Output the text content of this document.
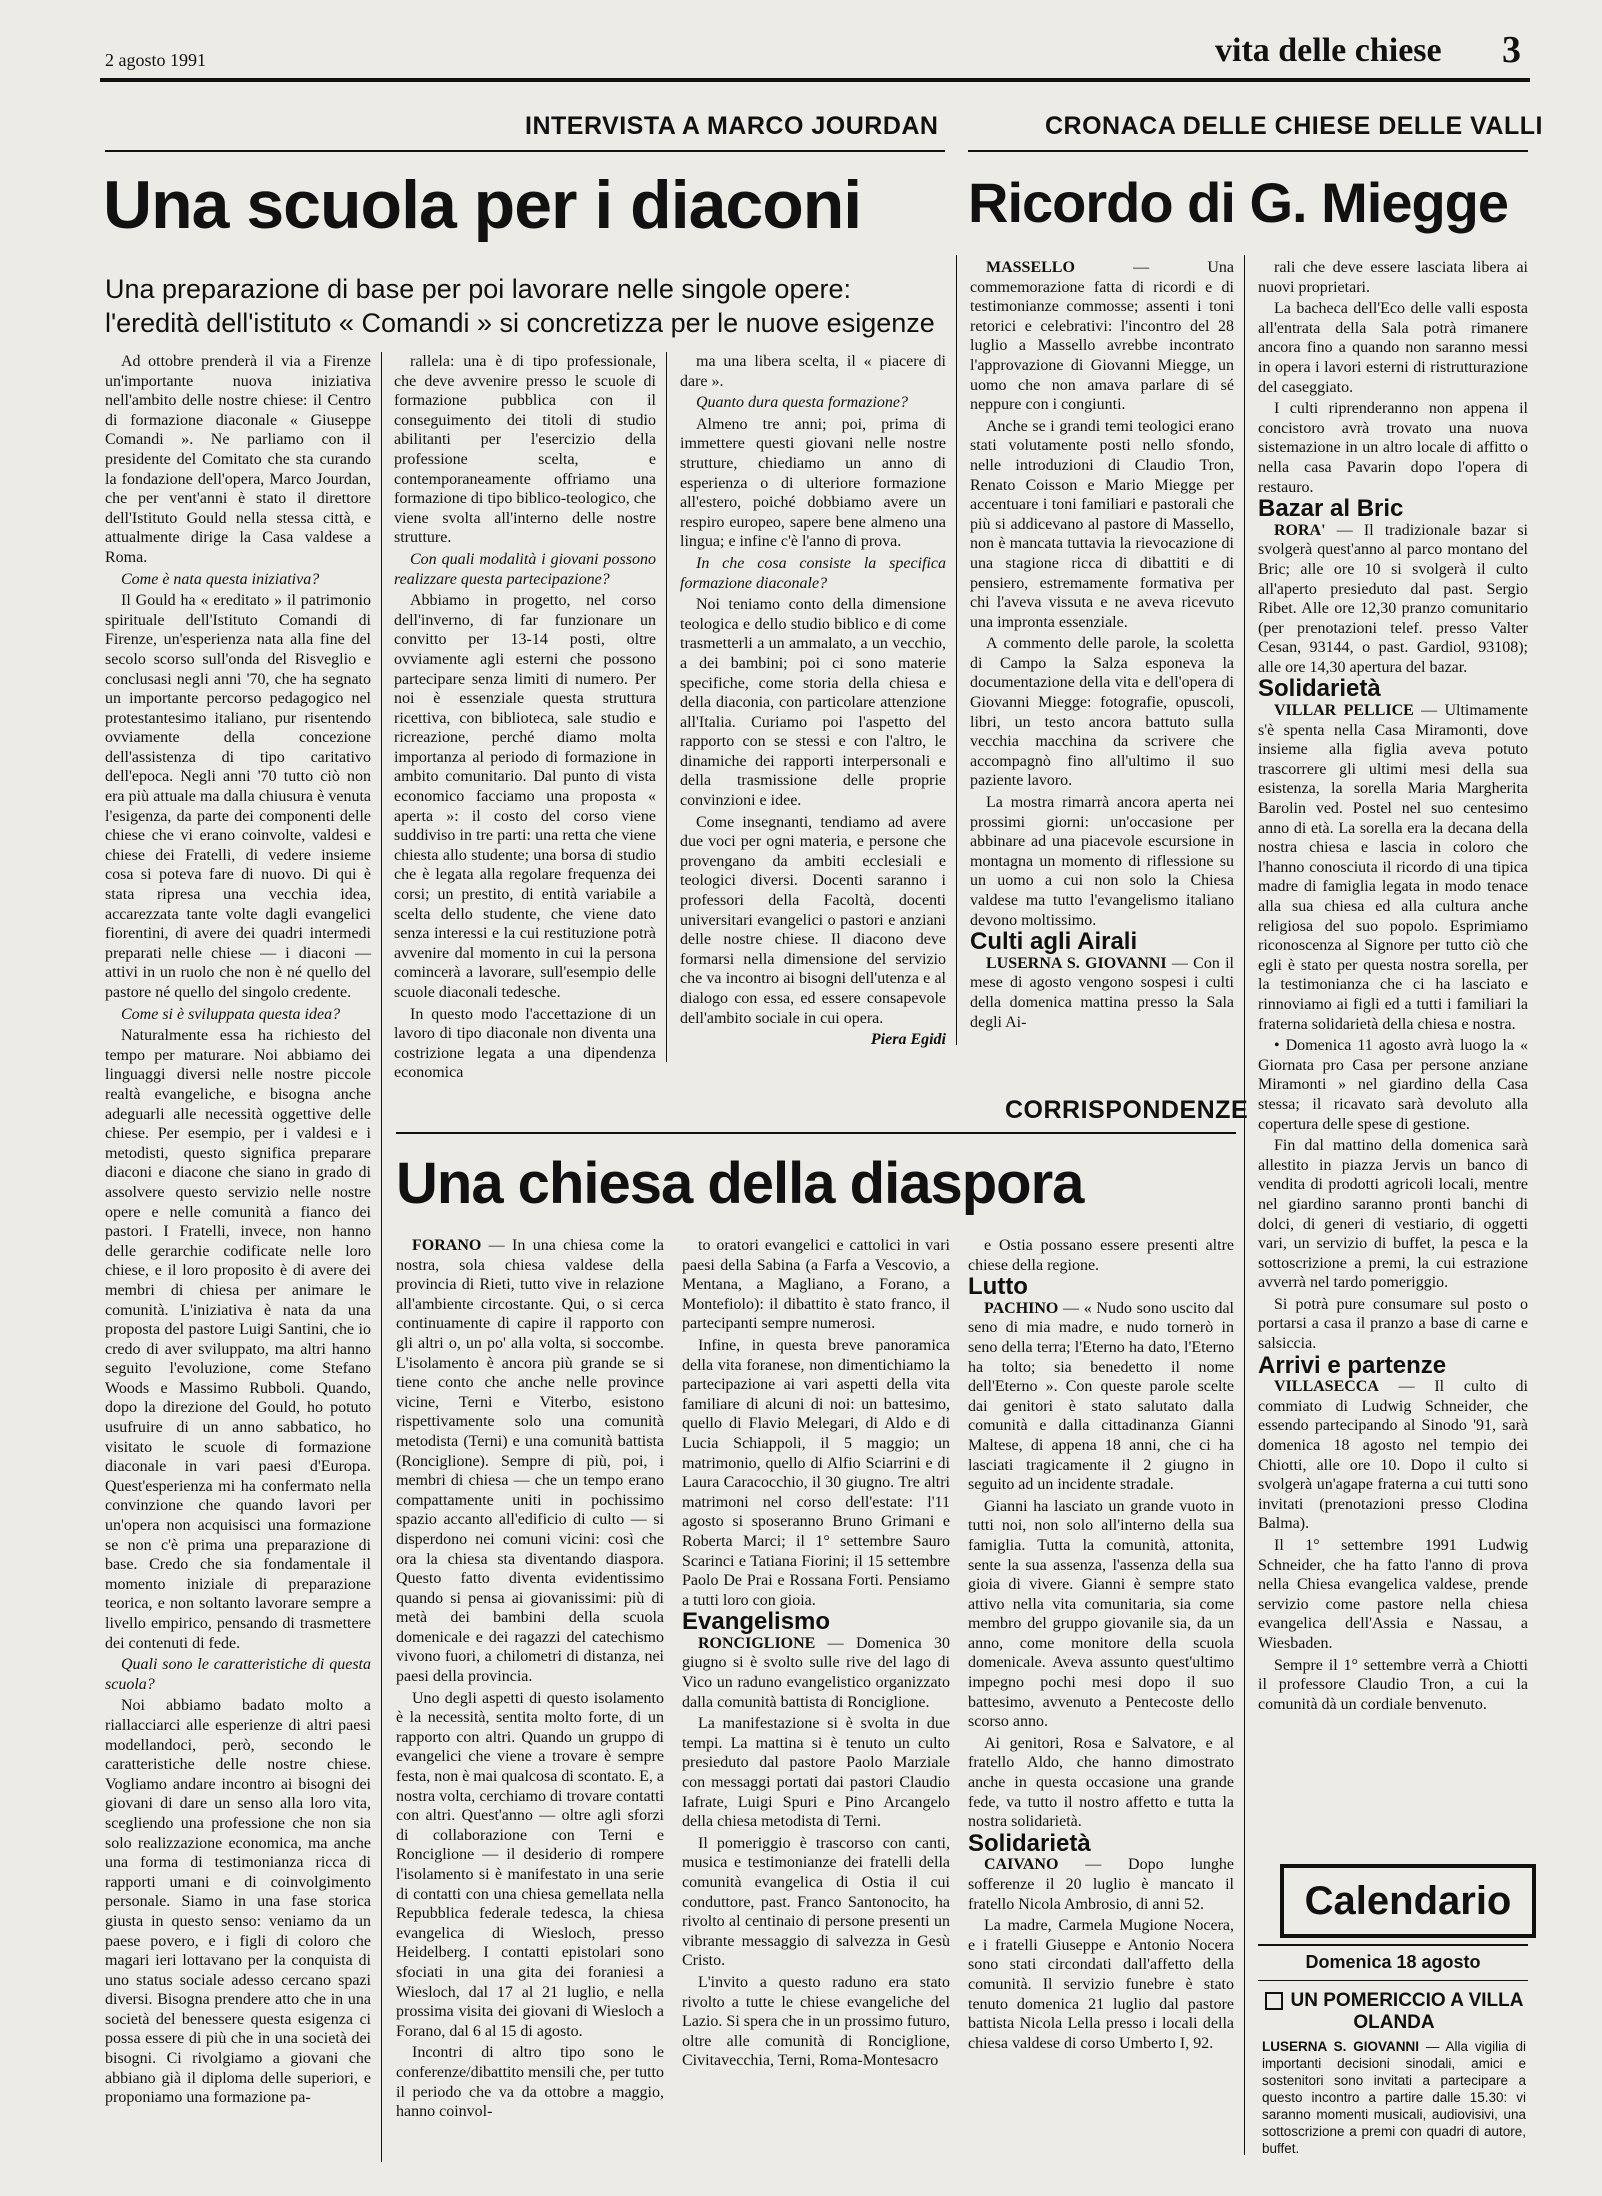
2 agosto 1991	vita delle chiese 3
INTERVISTA A MARCO JOURDAN
Una scuola per i diaconi
Una preparazione di base per poi lavorare nelle singole opere: l'eredità dell'istituto « Comandi » si concretizza per le nuove esigenze
CRONACA DELLE CHIESE DELLE VALLI
Ricordo di G. Miegge

Ad ottobre prenderà il via a Firenze un'importante nuova iniziativa nell'ambito delle nostre chiese: il Centro di formazione diaconale « Giuseppe Comandi ». Ne parliamo con il presidente del Comitato che sta curando la fondazione dell'opera, Marco Jourdan, che per vent'anni è stato il direttore dell'Istituto Gould nella stessa città, e attualmente dirige la Casa valdese a Roma.

Come è nata questa iniziativa?

Il Gould ha « ereditato » il patrimonio spirituale dell'Istituto Comandi di Firenze, un'esperienza nata alla fine del secolo scorso sull'onda del Risveglio e conclusasi negli anni '70, che ha segnato un importante percorso pedagogico nel protestantesimo italiano, pur risentendo ovviamente della concezione dell'assistenza di tipo caritativo dell'epoca. Negli anni '70 tutto ciò non era più attuale ma dalla chiusura è venuta l'esigenza, da parte dei componenti delle chiese che vi erano coinvolte, valdesi e chiese dei Fratelli, di vedere insieme cosa si poteva fare di nuovo. Di qui è stata ripresa una vecchia idea, accarezzata tante volte dagli evangelici fiorentini, di avere dei quadri intermedi preparati nelle chiese — i diaconi — attivi in un ruolo che non è né quello del pastore né quello del singolo credente.

Come si è sviluppata questa idea?

Naturalmente essa ha richiesto del tempo per maturare. Noi abbiamo dei linguaggi diversi nelle nostre piccole realtà evangeliche, e bisogna anche adeguarli alle necessità oggettive delle chiese. Per esempio, per i valdesi e i metodisti, questo significa preparare diaconi e diacone che siano in grado di assolvere questo servizio nelle nostre opere e nelle comunità a fianco dei pastori. I Fratelli, invece, non hanno delle gerarchie codificate nelle loro chiese, e il loro proposito è di avere dei membri di chiesa per animare le comunità. L'iniziativa è nata da una proposta del pastore Luigi Santini, che io credo di aver sviluppato, ma altri hanno seguito l'evoluzione, come Stefano Woods e Massimo Rubboli. Quando, dopo la direzione del Gould, ho potuto usufruire di un anno sabbatico, ho visitato le scuole di formazione diaconale in vari paesi d'Europa. Quest'esperienza mi ha confermato nella convinzione che quando lavori per un'opera non acquisisci una formazione se non c'è prima una preparazione di base. Credo che sia fondamentale il momento iniziale di preparazione teorica, e non soltanto lavorare sempre a livello empirico, pensando di trasmettere dei contenuti di fede.

Quali sono le caratteristiche di questa scuola?

Noi abbiamo badato molto a riallacciarci alle esperienze di altri paesi modellandoci, però, secondo le caratteristiche delle nostre chiese. Vogliamo andare incontro ai bisogni dei giovani di dare un senso alla loro vita, scegliendo una professione che non sia solo realizzazione economica, ma anche una forma di testimonianza ricca di rapporti umani e di coinvolgimento personale. Siamo in una fase storica giusta in questo senso: veniamo da un paese povero, e i figli di coloro che magari ieri lottavano per la conquista di uno status sociale adesso cercano spazi diversi. Bisogna prendere atto che in una società del benessere questa esigenza ci possa essere di più che in una società dei bisogni. Ci rivolgiamo a giovani che abbiano già il diploma delle superiori, e proponiamo una formazione pa-

rallela: una è di tipo professionale, che deve avvenire presso le scuole di formazione pubblica con il conseguimento dei titoli di studio abilitanti per l'esercizio della professione scelta, e contemporaneamente offriamo una formazione di tipo biblico-teologico, che viene svolta all'interno delle nostre strutture.

Con quali modalità i giovani possono realizzare questa partecipazione?

Abbiamo in progetto, nel corso dell'inverno, di far funzionare un convitto per 13-14 posti, oltre ovviamente agli esterni che possono partecipare senza limiti di numero. Per noi è essenziale questa struttura ricettiva, con biblioteca, sale studio e ricreazione, perché diamo molta importanza al periodo di formazione in ambito comunitario. Dal punto di vista economico facciamo una proposta « aperta »: il costo del corso viene suddiviso in tre parti: una retta che viene chiesta allo studente; una borsa di studio che è legata alla regolare frequenza dei corsi; un prestito, di entità variabile a scelta dello studente, che viene dato senza interessi e la cui restituzione potrà avvenire dal momento in cui la persona comincerà a lavorare, sull'esempio delle scuole diaconali tedesche.

In questo modo l'accettazione di un lavoro di tipo diaconale non diventa una costrizione legata a una dipendenza economica

ma una libera scelta, il « piacere di dare ».

Quanto dura questa formazione?

Almeno tre anni; poi, prima di immettere questi giovani nelle nostre strutture, chiediamo un anno di esperienza o di ulteriore formazione all'estero, poiché dobbiamo avere un respiro europeo, sapere bene almeno una lingua; e infine c'è l'anno di prova.

In che cosa consiste la specifica formazione diaconale?

Noi teniamo conto della dimensione teologica e dello studio biblico e di come trasmetterli a un ammalato, a un vecchio, a dei bambini; poi ci sono materie specifiche, come storia della chiesa e della diaconia, con particolare attenzione all'Italia. Curiamo poi l'aspetto del rapporto con se stessi e con l'altro, le dinamiche dei rapporti interpersonali e della trasmissione delle proprie convinzioni e idee.

Come insegnanti, tendiamo ad avere due voci per ogni materia, e persone che provengano da ambiti ecclesiali e teologici diversi. Docenti saranno i professori della Facoltà, docenti universitari evangelici o pastori e anziani delle nostre chiese. Il diacono deve formarsi nella dimensione del servizio che va incontro ai bisogni dell'utenza e al dialogo con essa, ed essere consapevole dell'ambito sociale in cui opera.

Piera Egidi

MASSELLO — Una commemorazione fatta di ricordi e di testimonianze commosse; assenti i toni retorici e celebrativi: l'incontro del 28 luglio a Massello avrebbe incontrato l'approvazione di Giovanni Miegge, un uomo che non amava parlare di sé neppure con i congiunti.

Anche se i grandi temi teologici erano stati volutamente posti nello sfondo, nelle introduzioni di Claudio Tron, Renato Coisson e Mario Miegge per accentuare i toni familiari e pastorali che più si addicevano al pastore di Massello, non è mancata tuttavia la rievocazione di una stagione ricca di dibattiti e di pensiero, estremamente formativa per chi l'aveva vissuta e ne aveva ricevuto una impronta essenziale.

A commento delle parole, la scoletta di Campo la Salza esponeva la documentazione della vita e dell'opera di Giovanni Miegge: fotografie, opuscoli, libri, un testo ancora battuto sulla vecchia macchina da scrivere che accompagnò fino all'ultimo il suo paziente lavoro.

La mostra rimarrà ancora aperta nei prossimi giorni: un'occasione per abbinare ad una piacevole escursione in montagna un momento di riflessione su un uomo a cui non solo la Chiesa valdese ma tutto l'evangelismo italiano devono moltissimo.

Culti agli Airali

LUSERNA S. GIOVANNI — Con il mese di agosto vengono sospesi i culti della domenica mattina presso la Sala degli Ai-

rali che deve essere lasciata libera ai nuovi proprietari.

La bacheca dell'Eco delle valli esposta all'entrata della Sala potrà rimanere ancora fino a quando non saranno messi in opera i lavori esterni di ristrutturazione del caseggiato.

I culti riprenderanno non appena il concistoro avrà trovato una nuova sistemazione in un altro locale di affitto o nella casa Pavarin dopo l'opera di restauro.

Bazar al Bric

RORA' — Il tradizionale bazar si svolgerà quest'anno al parco montano del Bric; alle ore 10 si svolgerà il culto all'aperto presieduto dal past. Sergio Ribet. Alle ore 12,30 pranzo comunitario (per prenotazioni telef. presso Valter Cesan, 93144, o past. Gardiol, 93108); alle ore 14,30 apertura del bazar.

Solidarietà

VILLAR PELLICE — Ultimamente s'è spenta nella Casa Miramonti, dove insieme alla figlia aveva potuto trascorrere gli ultimi mesi della sua esistenza, la sorella Maria Margherita Barolin ved. Postel nel suo centesimo anno di età. La sorella era la decana della nostra chiesa e lascia in coloro che l'hanno conosciuta il ricordo di una tipica madre di famiglia legata in modo tenace alla sua chiesa ed alla cultura anche religiosa del suo popolo. Esprimiamo riconoscenza al Signore per tutto ciò che egli è stato per questa nostra sorella, per la testimonianza che ci ha lasciato e rinnoviamo ai figli ed a tutti i familiari la fraterna solidarietà della chiesa e nostra.

• Domenica 11 agosto avrà luogo la « Giornata pro Casa per persone anziane Miramonti » nel giardino della Casa stessa; il ricavato sarà devoluto alla copertura delle spese di gestione.

Fin dal mattino della domenica sarà allestito in piazza Jervis un banco di vendita di prodotti agricoli locali, mentre nel giardino saranno pronti banchi di dolci, di generi di vestiario, di oggetti vari, un servizio di buffet, la pesca e la sottoscrizione a premi, la cui estrazione avverrà nel tardo pomeriggio.

Si potrà pure consumare sul posto o portarsi a casa il pranzo a base di carne e salsiccia.

Arrivi e partenze

VILLASECCA — Il culto di commiato di Ludwig Schneider, che essendo partecipando al Sinodo '91, sarà domenica 18 agosto nel tempio dei Chiotti, alle ore 10. Dopo il culto si svolgerà un'agape fraterna a cui tutti sono invitati (prenotazioni presso Clodina Balma).

Il 1° settembre 1991 Ludwig Schneider, che ha fatto l'anno di prova nella Chiesa evangelica valdese, prende servizio come pastore nella chiesa evangelica dell'Assia e Nassau, a Wiesbaden.

Sempre il 1° settembre verrà a Chiotti il professore Claudio Tron, a cui la comunità dà un cordiale benvenuto.

CORRISPONDENZE
Una chiesa della diaspora

FORANO — In una chiesa come la nostra, sola chiesa valdese della provincia di Rieti, tutto vive in relazione all'ambiente circostante. Qui, o si cerca continuamente di capire il rapporto con gli altri o, un po' alla volta, si soccombe. L'isolamento è ancora più grande se si tiene conto che anche nelle province vicine, Terni e Viterbo, esistono rispettivamente solo una comunità metodista (Terni) e una comunità battista (Ronciglione). Sempre di più, poi, i membri di chiesa — che un tempo erano compattamente uniti in pochissimo spazio accanto all'edificio di culto — si disperdono nei comuni vicini: così che ora la chiesa sta diventando diaspora. Questo fatto diventa evidentissimo quando si pensa ai giovanissimi: più di metà dei bambini della scuola domenicale e dei ragazzi del catechismo vivono fuori, a chilometri di distanza, nei paesi della provincia.

Uno degli aspetti di questo isolamento è la necessità, sentita molto forte, di un rapporto con altri. Quando un gruppo di evangelici che viene a trovare è sempre festa, non è mai qualcosa di scontato. E, a nostra volta, cerchiamo di trovare contatti con altri. Quest'anno — oltre agli sforzi di collaborazione con Terni e Ronciglione — il desiderio di rompere l'isolamento si è manifestato in una serie di contatti con una chiesa gemellata nella Repubblica federale tedesca, la chiesa evangelica di Wiesloch, presso Heidelberg. I contatti epistolari sono sfociati in una gita dei foraniesi a Wiesloch, dal 17 al 21 luglio, e nella prossima visita dei giovani di Wiesloch a Forano, dal 6 al 15 di agosto.

Incontri di altro tipo sono le conferenze/dibattito mensili che, per tutto il periodo che va da ottobre a maggio, hanno coinvol-

to oratori evangelici e cattolici in vari paesi della Sabina (a Farfa a Vescovio, a Mentana, a Magliano, a Forano, a Montefiolo): il dibattito è stato franco, il partecipanti sempre numerosi.

Infine, in questa breve panoramica della vita foranese, non dimentichiamo la partecipazione ai vari aspetti della vita familiare di alcuni di noi: un battesimo, quello di Flavio Melegari, di Aldo e di Lucia Schiappoli, il 5 maggio; un matrimonio, quello di Alfio Sciarrini e di Laura Caracocchio, il 30 giugno. Tre altri matrimoni nel corso dell'estate: l'11 agosto si sposeranno Bruno Grimani e Roberta Marci; il 1° settembre Sauro Scarinci e Tatiana Fiorini; il 15 settembre Paolo De Prai e Rossana Forti. Pensiamo a tutti loro con gioia.

Evangelismo

RONCIGLIONE — Domenica 30 giugno si è svolto sulle rive del lago di Vico un raduno evangelistico organizzato dalla comunità battista di Ronciglione.

La manifestazione si è svolta in due tempi. La mattina si è tenuto un culto presieduto dal pastore Paolo Marziale con messaggi portati dai pastori Claudio Iafrate, Luigi Spuri e Pino Arcangelo della chiesa metodista di Terni.

Il pomeriggio è trascorso con canti, musica e testimonianze dei fratelli della comunità evangelica di Ostia il cui conduttore, past. Franco Santonocito, ha rivolto al centinaio di persone presenti un vibrante messaggio di salvezza in Gesù Cristo.

L'invito a questo raduno era stato rivolto a tutte le chiese evangeliche del Lazio. Si spera che in un prossimo futuro, oltre alle comunità di Ronciglione, Civitavecchia, Terni, Roma-Montesacro

e Ostia possano essere presenti altre chiese della regione.

Lutto

PACHINO — « Nudo sono uscito dal seno di mia madre, e nudo tornerò in seno della terra; l'Eterno ha dato, l'Eterno ha tolto; sia benedetto il nome dell'Eterno ». Con queste parole scelte dai genitori è stato salutato dalla comunità e dalla cittadinanza Gianni Maltese, di appena 18 anni, che ci ha lasciati tragicamente il 2 giugno in seguito ad un incidente stradale.

Gianni ha lasciato un grande vuoto in tutti noi, non solo all'interno della sua famiglia. Tutta la comunità, attonita, sente la sua assenza, l'assenza della sua gioia di vivere. Gianni è sempre stato attivo nella vita comunitaria, sia come membro del gruppo giovanile sia, da un anno, come monitore della scuola domenicale. Aveva assunto quest'ultimo impegno pochi mesi dopo il suo battesimo, avvenuto a Pentecoste dello scorso anno.

Ai genitori, Rosa e Salvatore, e al fratello Aldo, che hanno dimostrato anche in questa occasione una grande fede, va tutto il nostro affetto e tutta la nostra solidarietà.

Solidarietà

CAIVANO — Dopo lunghe sofferenze il 20 luglio è mancato il fratello Nicola Ambrosio, di anni 52.

La madre, Carmela Mugione Nocera, e i fratelli Giuseppe e Antonio Nocera sono stati circondati dall'affetto della comunità. Il servizio funebre è stato tenuto domenica 21 luglio dal pastore battista Nicola Lella presso i locali della chiesa valdese di corso Umberto I, 92.

Calendario
Domenica 18 agosto
UN POMERICCIO A VILLA OLANDA
LUSERNA S. GIOVANNI — Alla vigilia di importanti decisioni sinodali, amici e sostenitori sono invitati a partecipare a questo incontro a partire dalle 15.30: vi saranno momenti musicali, audiovisivi, una sottoscrizione a premi con quadri di autore, buffet.
